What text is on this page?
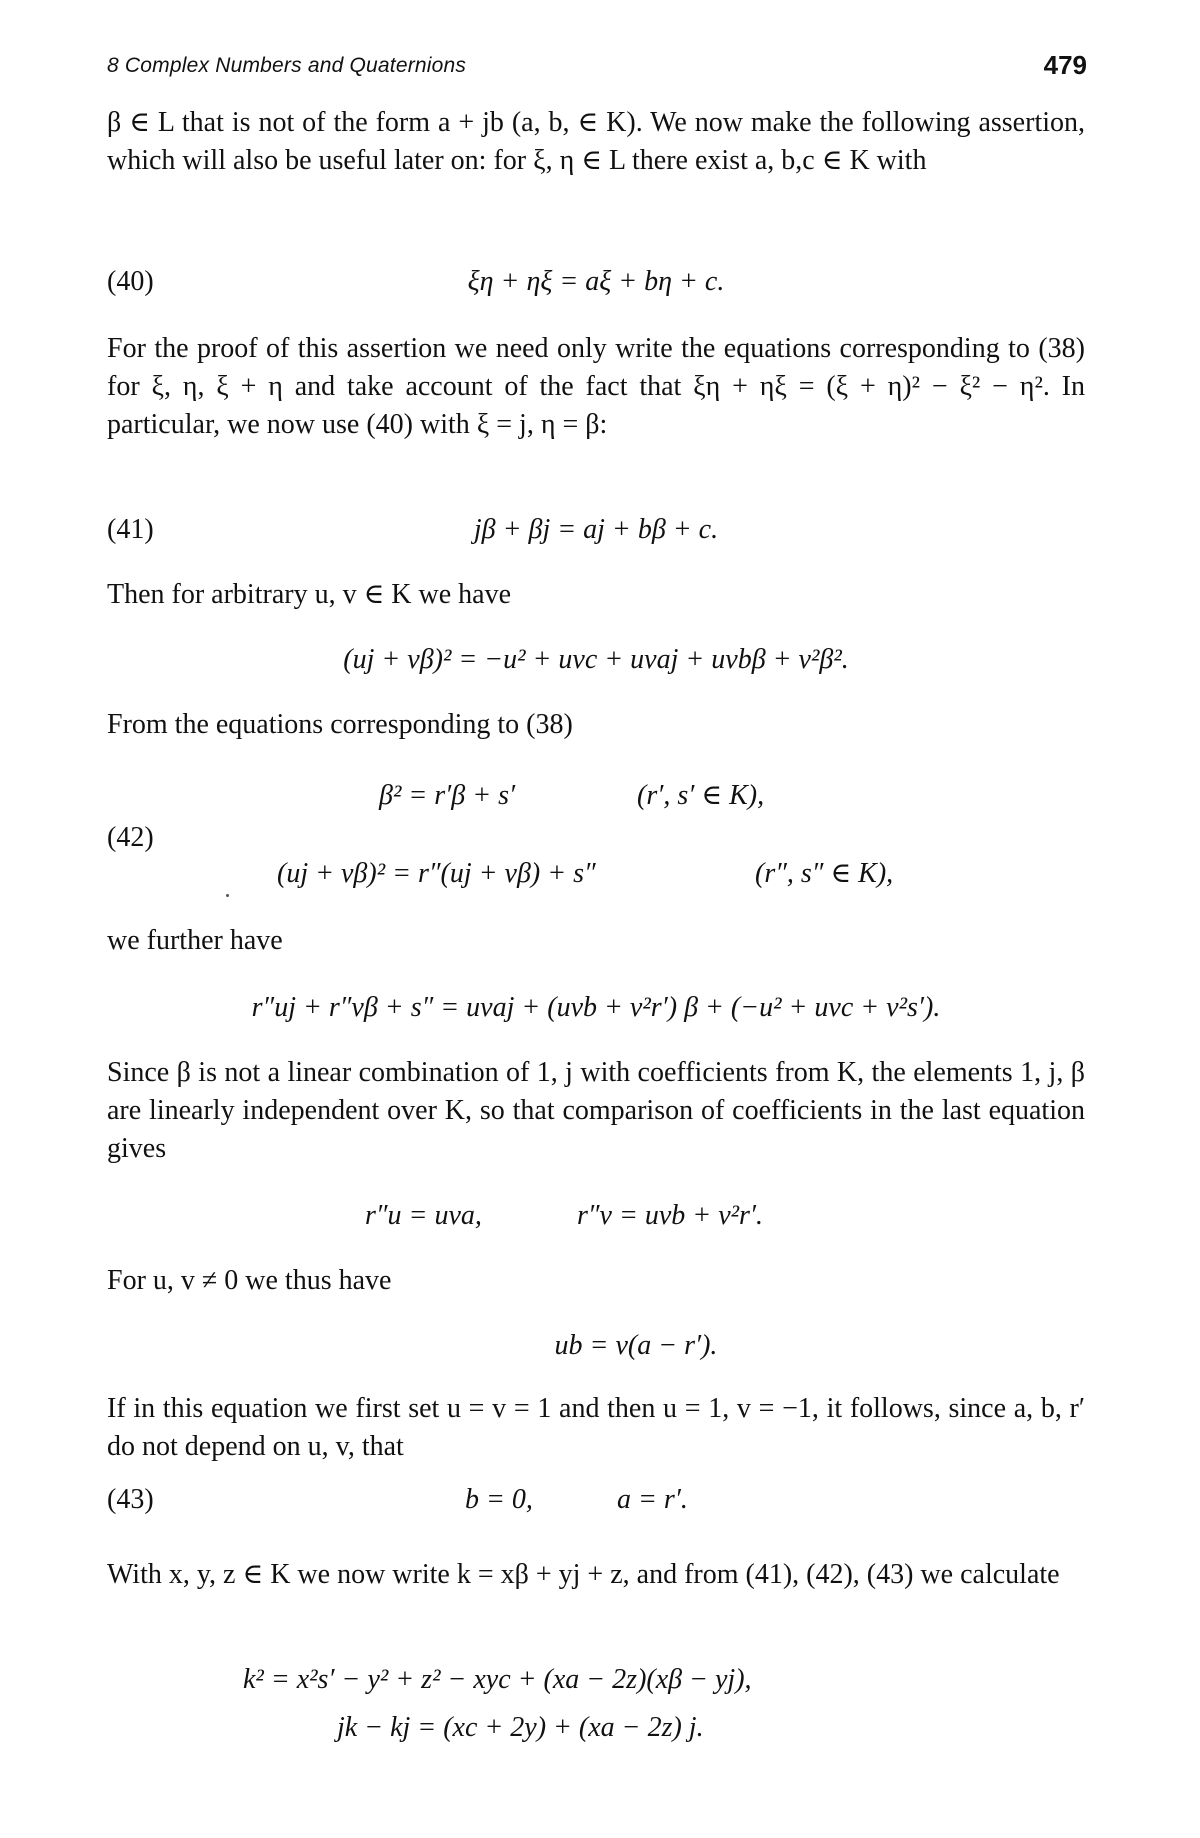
8 Complex Numbers and Quaternions	479

β ∈ L that is not of the form a + jb (a, b, ∈ K). We now make the following assertion, which will also be useful later on: for ξ, η ∈ L there exist a, b,c ∈ K with

(40)	ξη + ηξ = aξ + bη + c.

For the proof of this assertion we need only write the equations corresponding to (38) for ξ, η, ξ + η and take account of the fact that ξη + ηξ = (ξ + η)² − ξ² − η². In particular, we now use (40) with ξ = j, η = β:

(41)	jβ + βj = aj + bβ + c.

Then for arbitrary u, v ∈ K we have

(uj + vβ)² = −u² + uvc + uvaj + uvbβ + v²β².

From the equations corresponding to (38)

(42)
β² = r′β + s′	(r′, s′ ∈ K),
(uj + vβ)² = r″(uj + vβ) + s″	(r″, s″ ∈ K),

we further have

r″uj + r″vβ + s″ = uvaj + (uvb + v²r′) β + (−u² + uvc + v²s′).

Since β is not a linear combination of 1, j with coefficients from K, the elements 1, j, β are linearly independent over K, so that comparison of coefficients in the last equation gives

r″u = uva,	r″v = uvb + v²r′.

For u, v ≠ 0 we thus have

ub = v(a − r′).

If in this equation we first set u = v = 1 and then u = 1, v = −1, it follows, since a, b, r′ do not depend on u, v, that

(43)	b = 0,	a = r′.

With x, y, z ∈ K we now write k = xβ + yj + z, and from (41), (42), (43) we calculate

k² = x²s′ − y² + z² − xyc + (xa − 2z)(xβ − yj),
jk − kj = (xc + 2y) + (xa − 2z) j.
